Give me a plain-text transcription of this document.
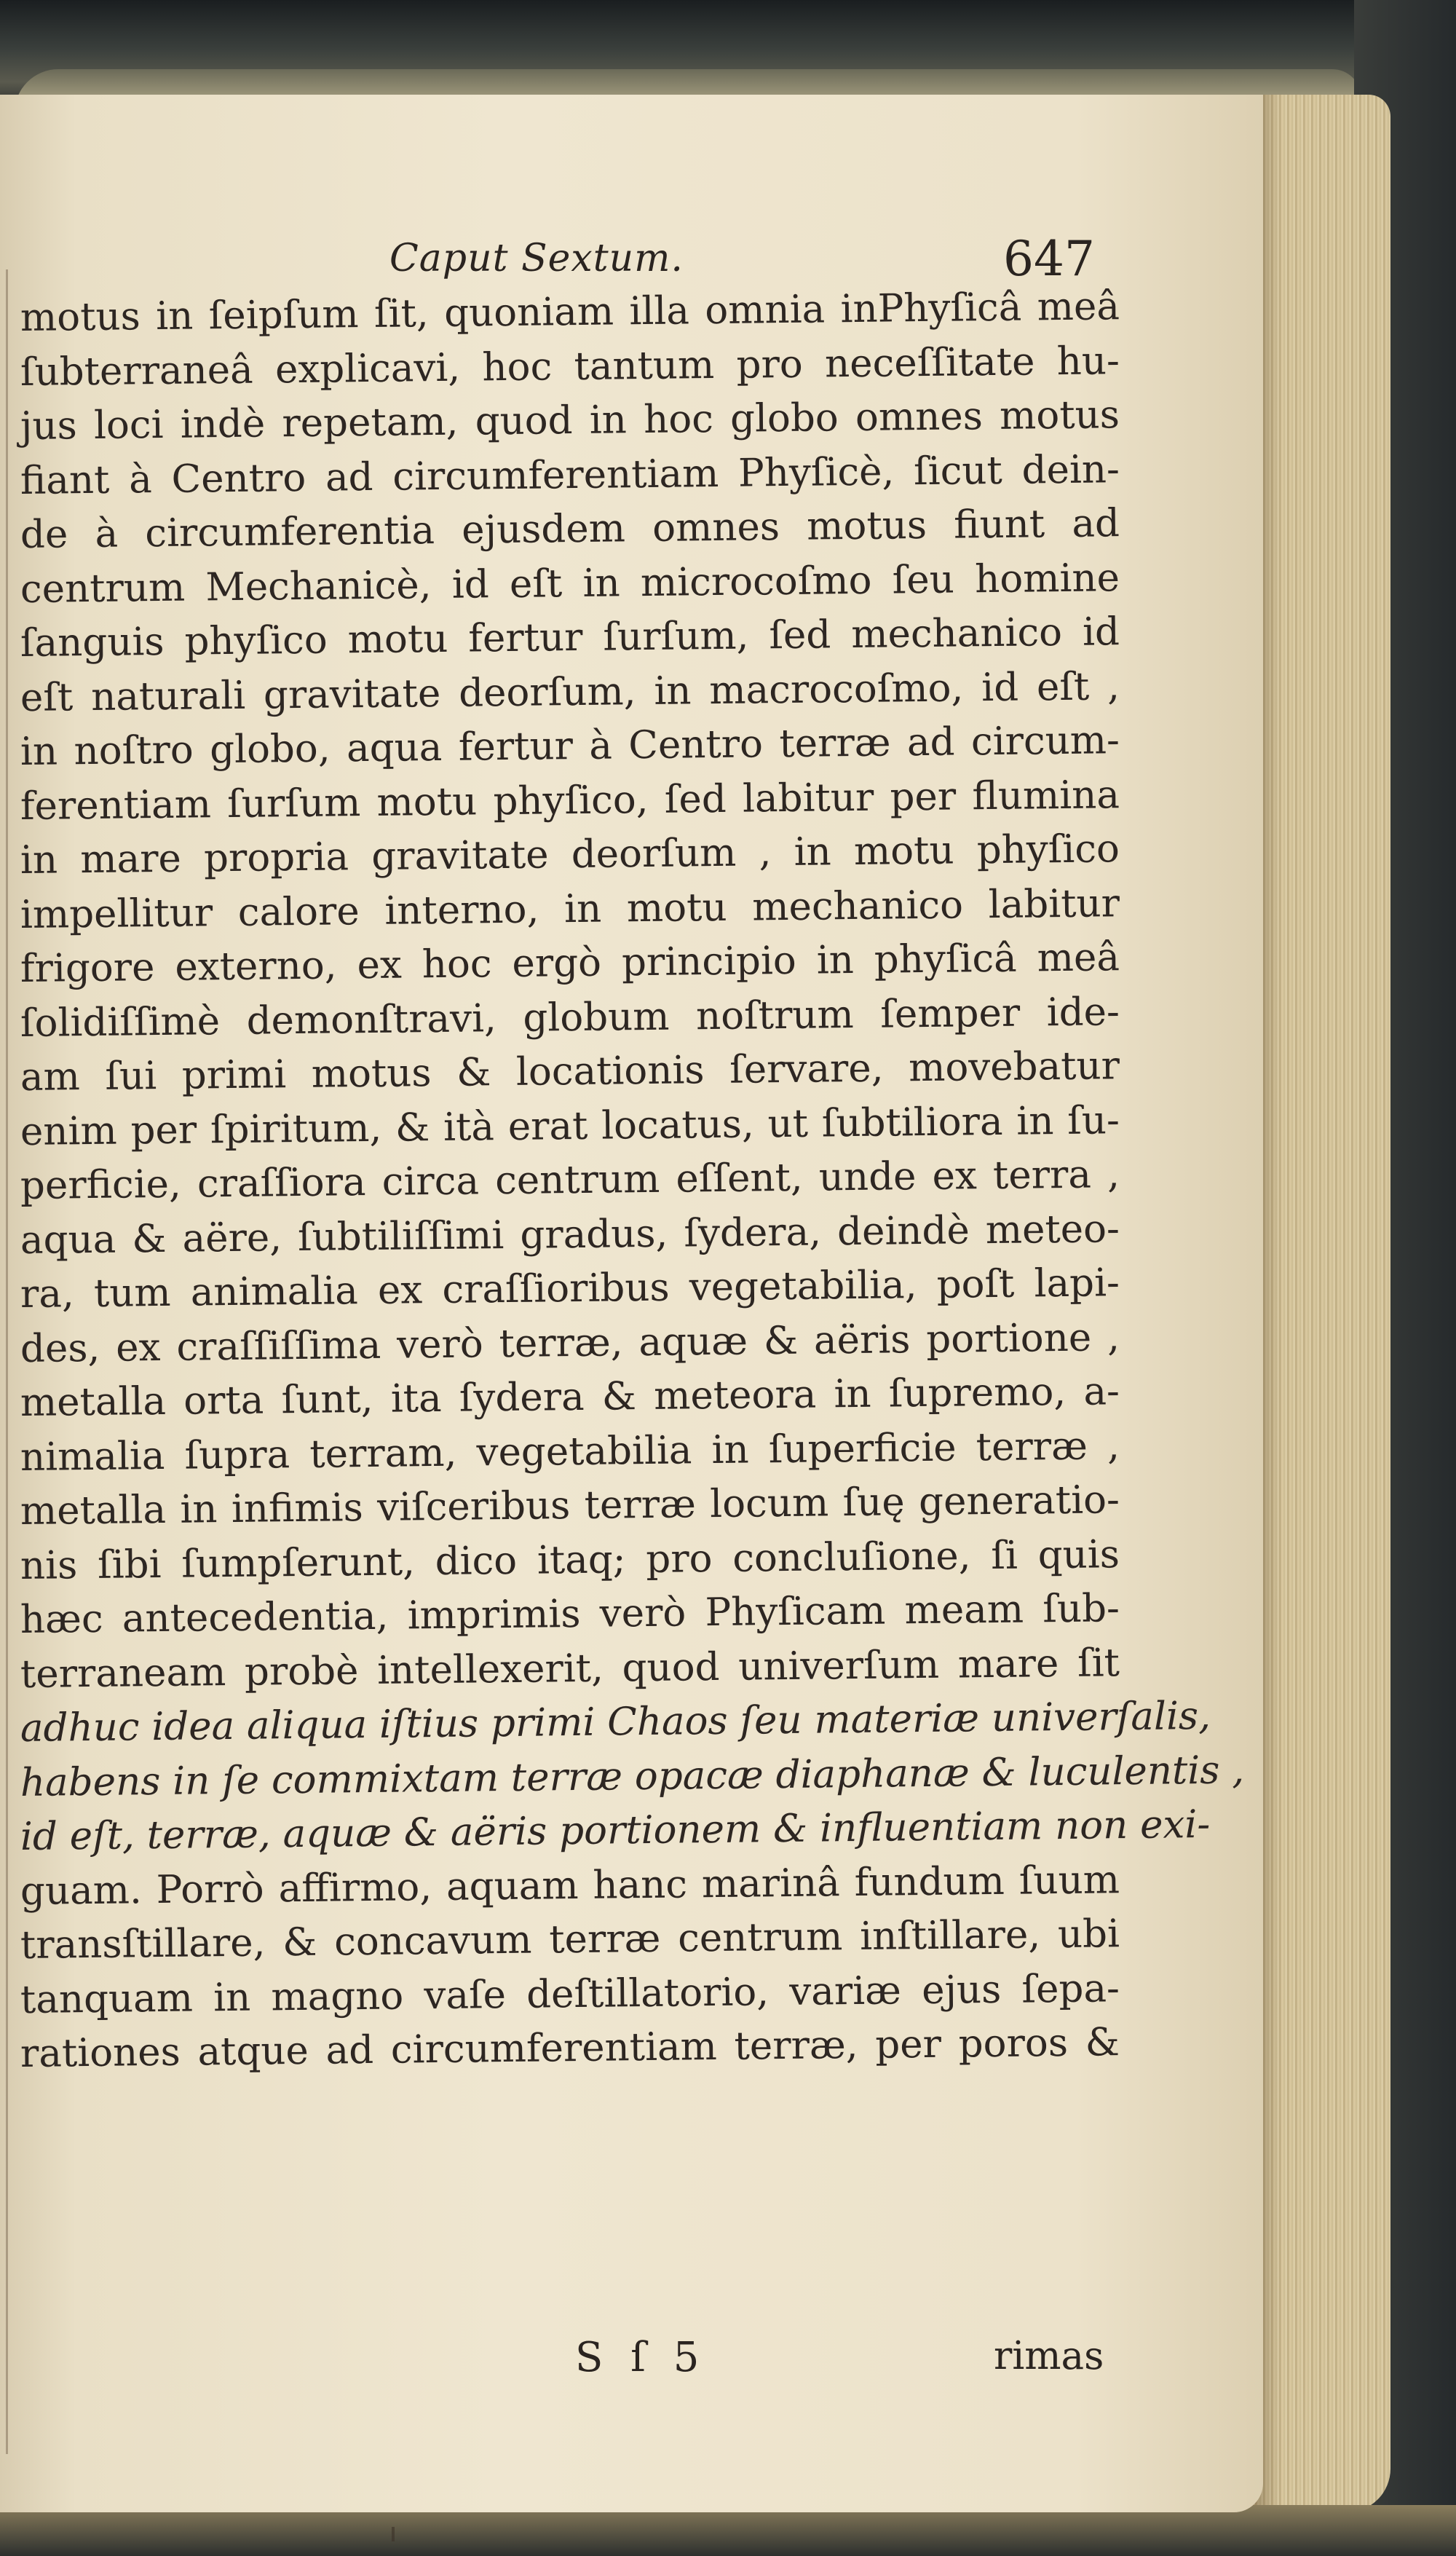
Caput Sextum.	647
motus in ſeipſum ſit, quoniam illa omnia inPhyſicâ meâ
ſubterraneâ explicavi, hoc tantum pro neceſſitate hu-
jus loci indè repetam, quod in hoc globo omnes motus
fiant à Centro ad circumferentiam Phyſicè, ſicut dein-
de à circumferentia ejusdem omnes motus fiunt ad
centrum Mechanicè, id eſt in microcoſmo ſeu homine
ſanguis phyſico motu fertur ſurſum, ſed mechanico id
eſt naturali gravitate deorſum, in macrocoſmo, id eſt ,
in noſtro globo, aqua fertur à Centro terræ ad circum-
ferentiam ſurſum motu phyſico, ſed labitur per flumina
in mare propria gravitate deorſum , in motu phyſico
impellitur calore interno, in motu mechanico labitur
frigore externo, ex hoc ergò principio in phyſicâ meâ
ſolidiſſimè demonſtravi, globum noſtrum ſemper ide-
am ſui primi motus & locationis ſervare, movebatur
enim per ſpiritum, & ità erat locatus, ut ſubtiliora in ſu-
perficie, craſſiora circa centrum eſſent, unde ex terra ,
aqua & aëre, ſubtiliſſimi gradus, ſydera, deindè meteo-
ra, tum animalia ex craſſioribus vegetabilia, poſt lapi-
des, ex craſſiſſima verò terræ, aquæ & aëris portione ,
metalla orta ſunt, ita ſydera & meteora in ſupremo, a-
nimalia ſupra terram, vegetabilia in ſuperficie terræ ,
metalla in infimis viſceribus terræ locum ſuę generatio-
nis ſibi ſumpſerunt, dico itaq; pro concluſione, ſi quis
hæc antecedentia, imprimis verò Phyſicam meam ſub-
terraneam probè intellexerit, quod univerſum mare ſit
adhuc idea aliqua iſtius primi Chaos ſeu materiæ univerſalis,
habens in ſe commixtam terræ opacæ diaphanæ & luculentis ,
id eſt, terræ, aquæ & aëris portionem & influentiam non exi-
guam. Porrò affirmo, aquam hanc marinâ fundum ſuum
transſtillare, & concavum terræ centrum inſtillare, ubi
tanquam in magno vaſe deſtillatorio, variæ ejus ſepa-
rationes atque ad circumferentiam terræ, per poros &
S ſ 5	rimas
